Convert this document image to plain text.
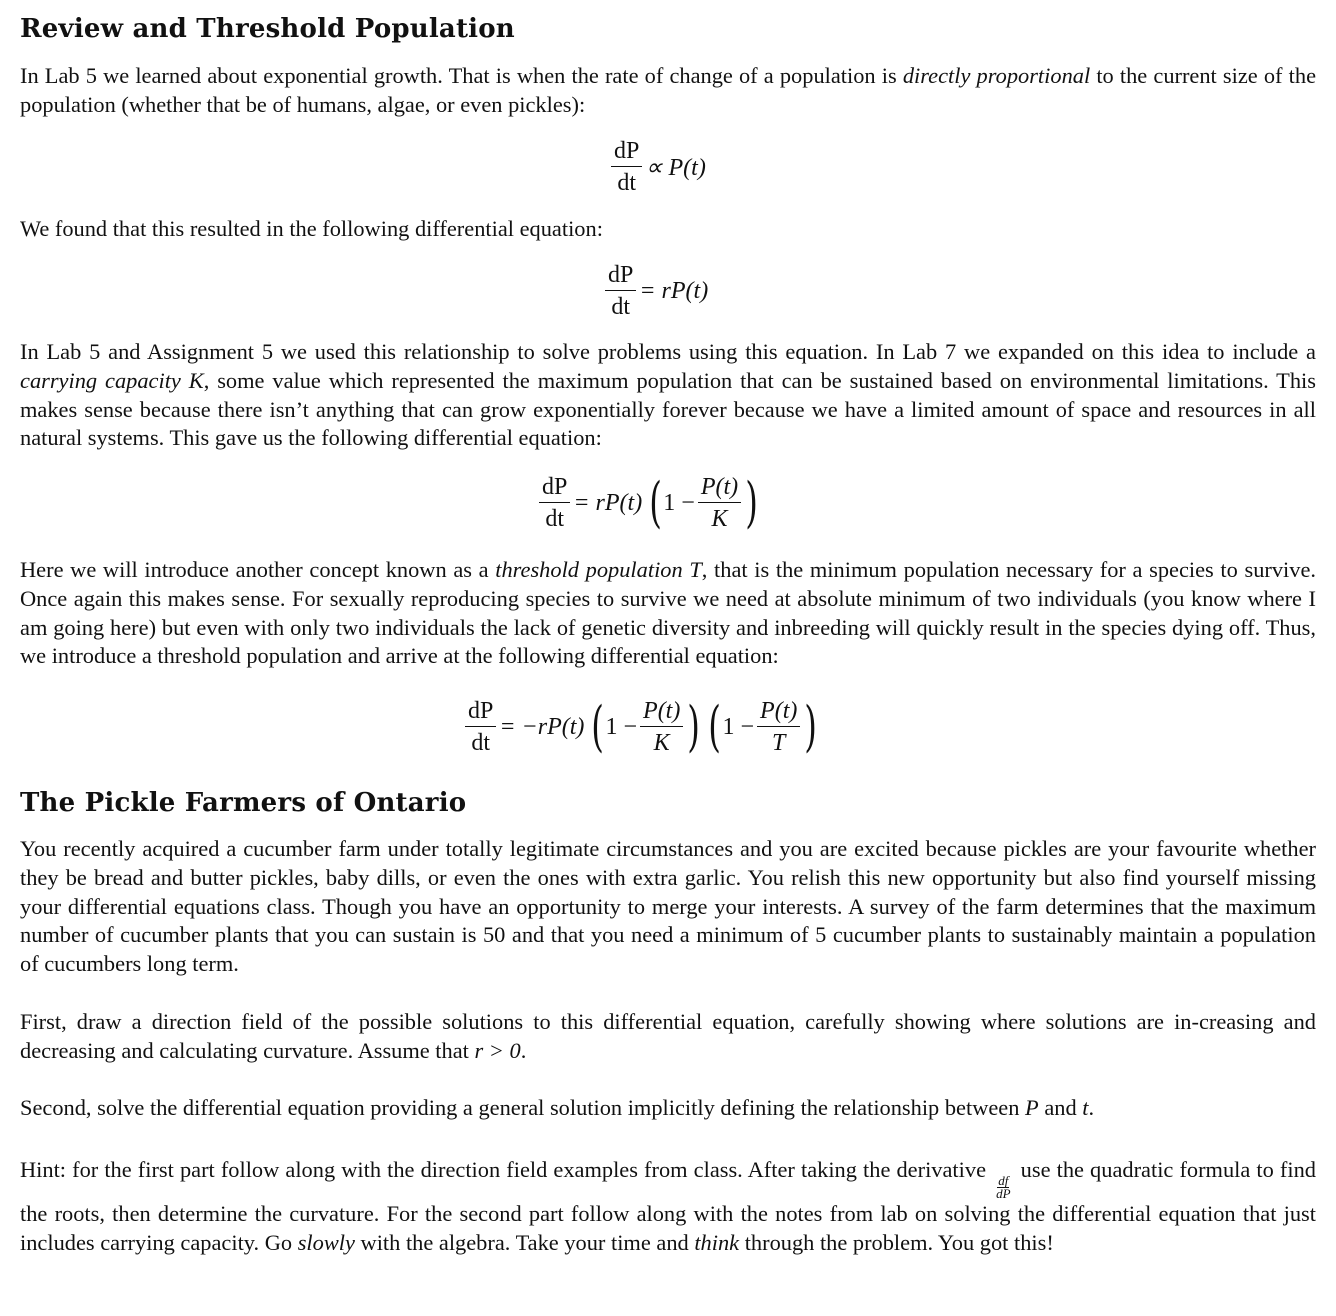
Review and Threshold Population

In Lab 5 we learned about exponential growth. That is when the rate of change of a population is directly proportional to the current size of the population (whether that be of humans, algae, or even pickles):

$\frac{dP}{dt} \propto P(t)$

We found that this resulted in the following differential equation:

$\frac{dP}{dt} = rP(t)$

In Lab 5 and Assignment 5 we used this relationship to solve problems using this equation. In Lab 7 we expanded on this idea to include a carrying capacity K, some value which represented the maximum population that can be sustained based on environmental limitations. This makes sense because there isn’t anything that can grow exponentially forever because we have a limited amount of space and resources in all natural systems. This gave us the following differential equation:

$\frac{dP}{dt} = rP(t)$ ( $1 - \frac{P(t)}{K}$ )

Here we will introduce another concept known as a threshold population T, that is the minimum population necessary for a species to survive. Once again this makes sense. For sexually reproducing species to survive we need at absolute minimum of two individuals (you know where I am going here) but even with only two individuals the lack of genetic diversity and inbreeding will quickly result in the species dying off. Thus, we introduce a threshold population and arrive at the following differential equation:

$\frac{dP}{dt} = -rP(t)$ ( $1 - \frac{P(t)}{K}$ ) ( $1 - \frac{P(t)}{T}$ )
The Pickle Farmers of Ontario

You recently acquired a cucumber farm under totally legitimate circumstances and you are excited because pickles are your favourite whether they be bread and butter pickles, baby dills, or even the ones with extra garlic. You relish this new opportunity but also find yourself missing your differential equations class. Though you have an opportunity to merge your interests. A survey of the farm determines that the maximum number of cucumber plants that you can sustain is 50 and that you need a minimum of 5 cucumber plants to sustainably maintain a population of cucumbers long term.

First, draw a direction field of the possible solutions to this differential equation, carefully showing where solutions are in-creasing and decreasing and calculating curvature. Assume that r > 0.

Second, solve the differential equation providing a general solution implicitly defining the relationship between P and t.

Hint: for the first part follow along with the direction field examples from class. After taking the derivative
$\frac{df}{dP}$
use the quadratic formula to find the roots, then determine the curvature. For the second part follow along with the notes from lab on solving the differential equation that just includes carrying capacity. Go slowly with the algebra. Take your time and think through the problem. You got this!
